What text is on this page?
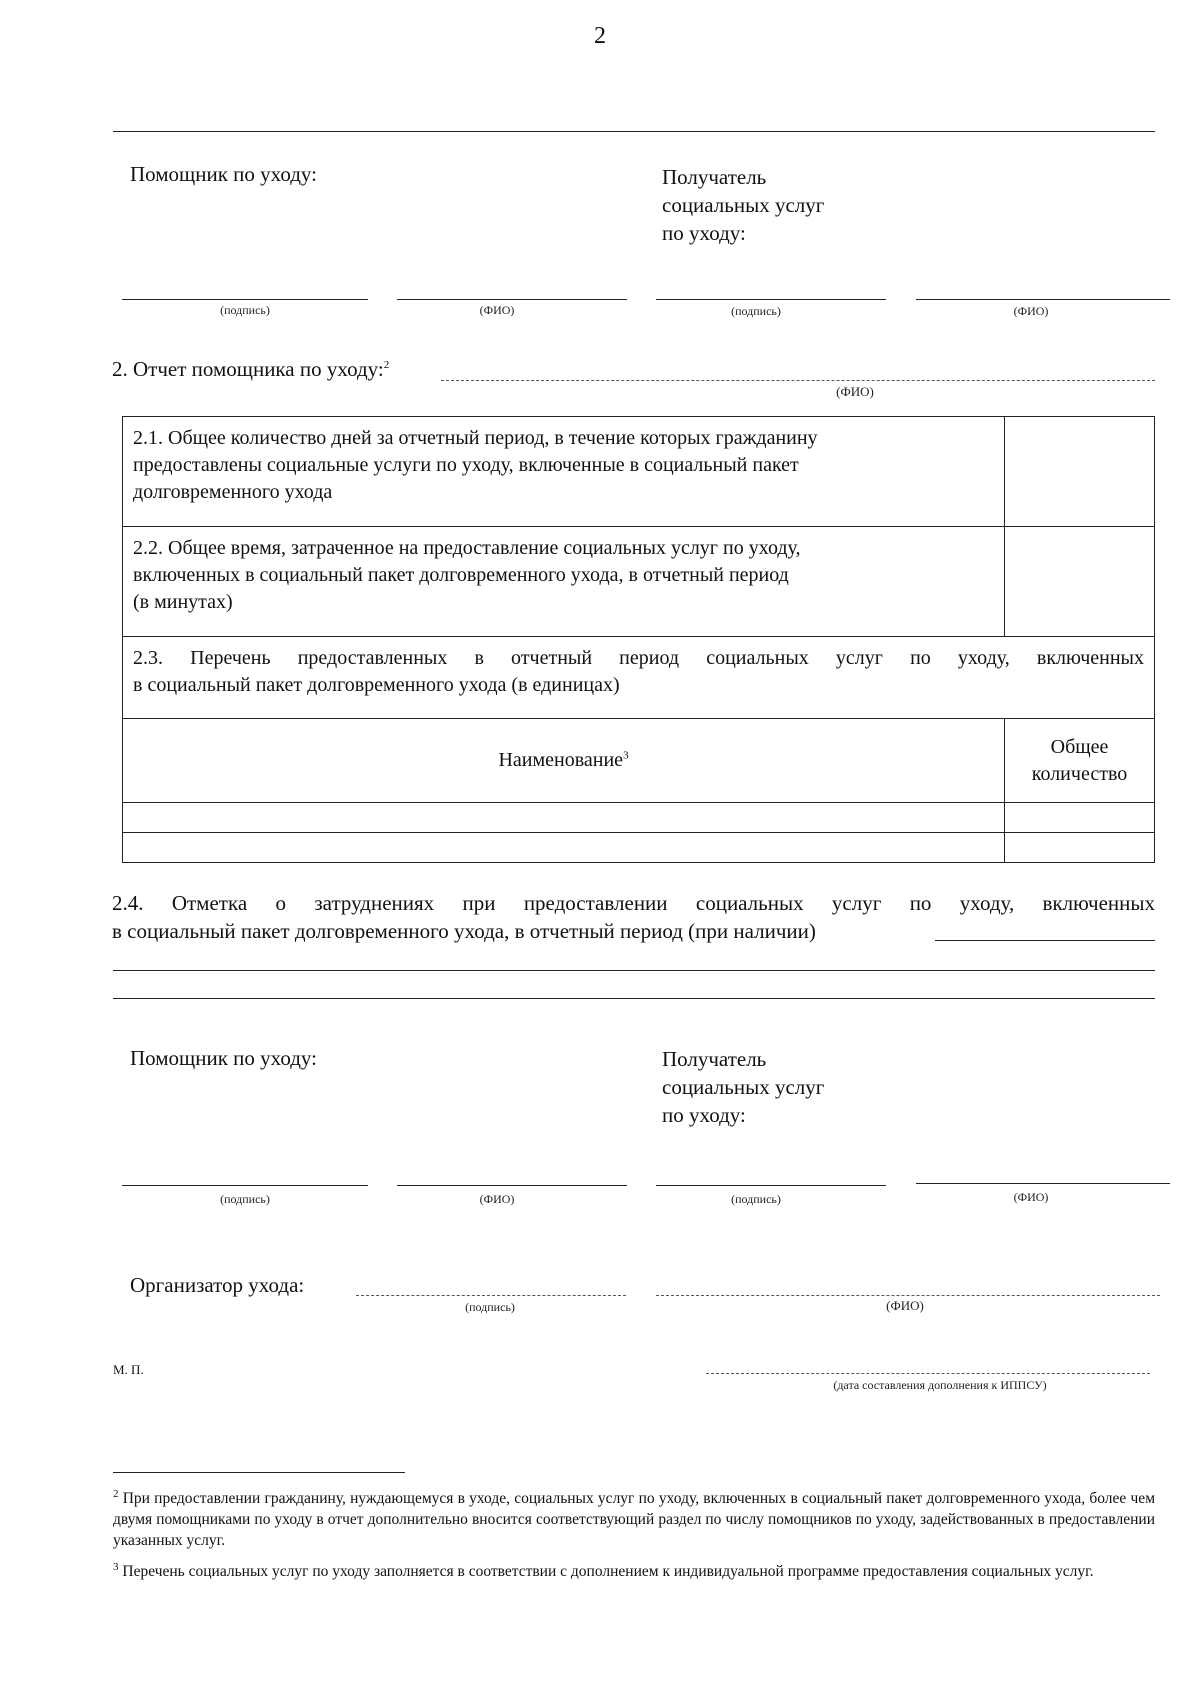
2
Помощник по уходу:	Получатель
социальных услуг
по уходу:
(подпись)	(ФИО)	(подпись)	(ФИО)
2. Отчет помощника по уходу:$^2$
(ФИО)
2.1. Общее количество дней за отчетный период, в течение которых гражданину
предоставлены социальные услуги по уходу, включенные в социальный пакет
долговременного ухода	

2.2. Общее время, затраченное на предоставление социальных услуг по уходу,
включенных в социальный пакет долговременного ухода, в отчетный период
(в минутах)	

2.3. Перечень предоставленных в отчетный период социальных услуг по уходу, включенных
в социальный пакет долговременного ухода (в единицах)	

Наименование$^3$	Общее
количество

2.4. Отметка о затруднениях при предоставлении социальных услуг по уходу, включенных
в социальный пакет долговременного ухода, в отчетный период (при наличии)
Помощник по уходу:	Получатель
социальных услуг
по уходу:
(подпись)	(ФИО)	(подпись)	(ФИО)
Организатор ухода:
(подпись)	(ФИО)
М. П.
(дата составления дополнения к ИППСУ)
$^2$ При предоставлении гражданину, нуждающемуся в уходе, социальных услуг по уходу, включенных в социальный пакет долговременного ухода, более чем двумя помощниками по уходу в отчет дополнительно вносится соответствующий раздел по числу помощников по уходу, задействованных в предоставлении указанных услуг.
$^3$ Перечень социальных услуг по уходу заполняется в соответствии с дополнением к индивидуальной программе предоставления социальных услуг.
